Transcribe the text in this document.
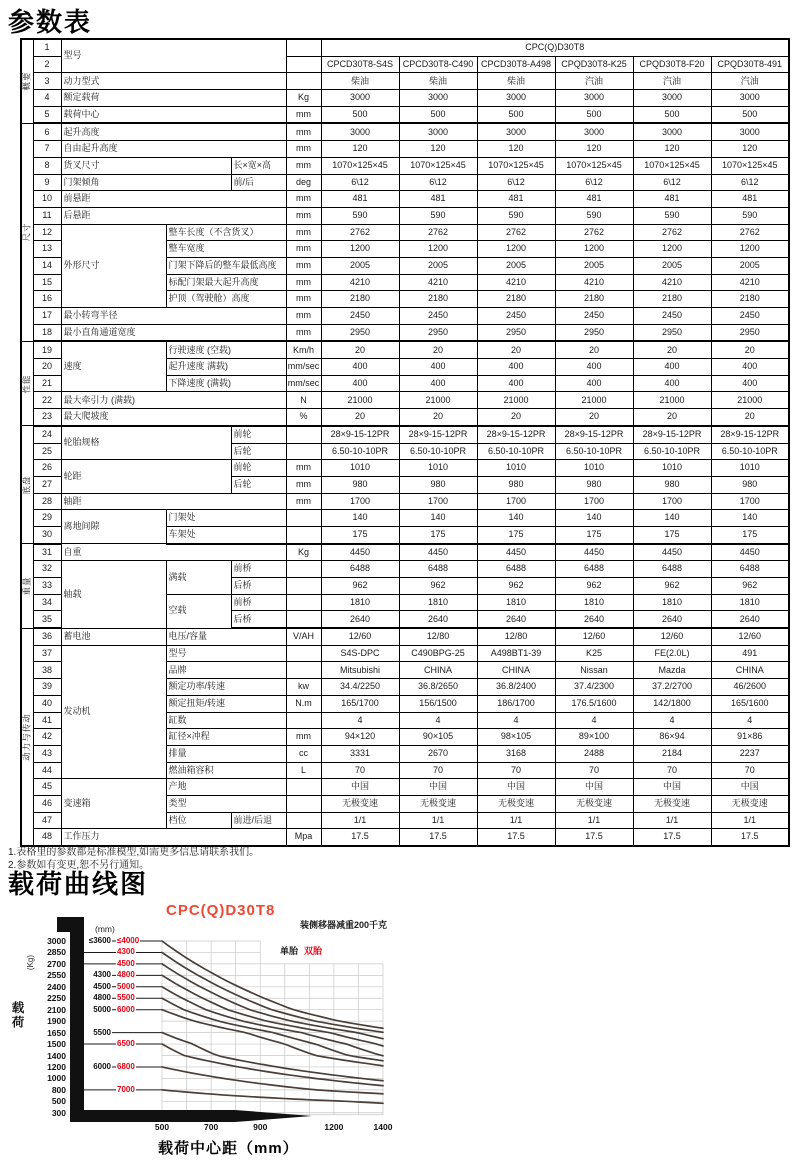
参数表
概要	1	型号				CPC(Q)D30T8					
	2					CPCD30T8-S4S	CPCD30T8-C490	CPCD30T8-A498	CPQD30T8-K25	CPQD30T8-F20	CPQD30T8-491
	3	动力型式				柴油	柴油	柴油	汽油	汽油	汽油
	4	额定载荷			Kg	3000	3000	3000	3000	3000	3000
	5	载荷中心			mm	500	500	500	500	500	500

尺寸	6	起升高度			mm	3000	3000	3000	3000	3000	3000
	7	自由起升高度			mm	120	120	120	120	120	120
	8	货叉尺寸		长×宽×高	mm	1070×125×45	1070×125×45	1070×125×45	1070×125×45	1070×125×45	1070×125×45
	9	门架倾角		前/后	deg	6\12	6\12	6\12	6\12	6\12	6\12
	10	前悬距			mm	481	481	481	481	481	481
	11	后悬距			mm	590	590	590	590	590	590
	12	外形尺寸	整车长度（不含货叉）		mm	2762	2762	2762	2762	2762	2762
	13		整车宽度		mm	1200	1200	1200	1200	1200	1200
	14		门架下降后的整车最低高度		mm	2005	2005	2005	2005	2005	2005
	15		标配门架最大起升高度		mm	4210	4210	4210	4210	4210	4210
	16		护顶（驾驶舱）高度		mm	2180	2180	2180	2180	2180	2180
	17	最小转弯半径			mm	2450	2450	2450	2450	2450	2450
	18	最小直角通道宽度			mm	2950	2950	2950	2950	2950	2950

性能	19	速度	行驶速度 (空载)		Km/h	20	20	20	20	20	20
	20		起升速度 满载)		mm/sec	400	400	400	400	400	400
	21		下降速度 (满载)		mm/sec	400	400	400	400	400	400
	22	最大牵引力 (满载)			N	21000	21000	21000	21000	21000	21000
	23	最大爬坡度			%	20	20	20	20	20	20

底盘	24	轮胎规格		前轮		28×9-15-12PR	28×9-15-12PR	28×9-15-12PR	28×9-15-12PR	28×9-15-12PR	28×9-15-12PR
	25			后轮		6.50-10-10PR	6.50-10-10PR	6.50-10-10PR	6.50-10-10PR	6.50-10-10PR	6.50-10-10PR
	26	轮距		前轮	mm	1010	1010	1010	1010	1010	1010
	27			后轮	mm	980	980	980	980	980	980
	28	轴距			mm	1700	1700	1700	1700	1700	1700
	29	离地间隙	门架处			140	140	140	140	140	140
	30		车架处			175	175	175	175	175	175

重量	31	自重			Kg	4450	4450	4450	4450	4450	4450
	32	轴载	满载	前桥		6488	6488	6488	6488	6488	6488
	33			后桥		962	962	962	962	962	962
	34		空载	前桥		1810	1810	1810	1810	1810	1810
	35			后桥		2640	2640	2640	2640	2640	2640

动力与传动	36	蓄电池	电压/容量		V/AH	12/60	12/80	12/80	12/60	12/60	12/60
	37	发动机	型号			S4S-DPC	C490BPG-25	A498BT1-39	K25	FE(2.0L)	491
	38		品牌			Mitsubishi	CHINA	CHINA	Nissan	Mazda	CHINA
	39		额定功率/转速		kw	34.4/2250	36.8/2650	36.8/2400	37.4/2300	37.2/2700	46/2600
	40		额定扭矩/转速		N.m	165/1700	156/1500	186/1700	176.5/1600	142/1800	165/1600
	41		缸数			4	4	4	4	4	4
	42		缸径×冲程		mm	94×120	90×105	98×105	89×100	86×94	91×86
	43		排量		cc	3331	2670	3168	2488	2184	2237
	44		燃油箱容积		L	70	70	70	70	70	70
	45	变速箱	产地			中国	中国	中国	中国	中国	中国
	46		类型			无极变速	无极变速	无极变速	无极变速	无极变速	无极变速
	47		档位	前进/后退		1/1	1/1	1/1	1/1	1/1	1/1
	48	工作压力			Mpa	17.5	17.5	17.5	17.5	17.5	17.5
1.表格里的参数都是标准模型,如需更多信息请联系我们。
2.参数如有变更,恕不另行通知。
载荷曲线图
CPC(Q)D30T8
装侧移器减重200千克
单胎 双胎
(mm)
(Kg)
载荷
载荷中心距（mm）
≤3600 ≤4000
4300
4500
4300 4800
4500 5000
4800 5500
5000 6000
5500
6500
6000 6800
7000
3000
2850
2700
2550
2400
2250
2100
1900
1650
1500
1400
1200
1000
800
500
300
500	700	900	1200	1400
